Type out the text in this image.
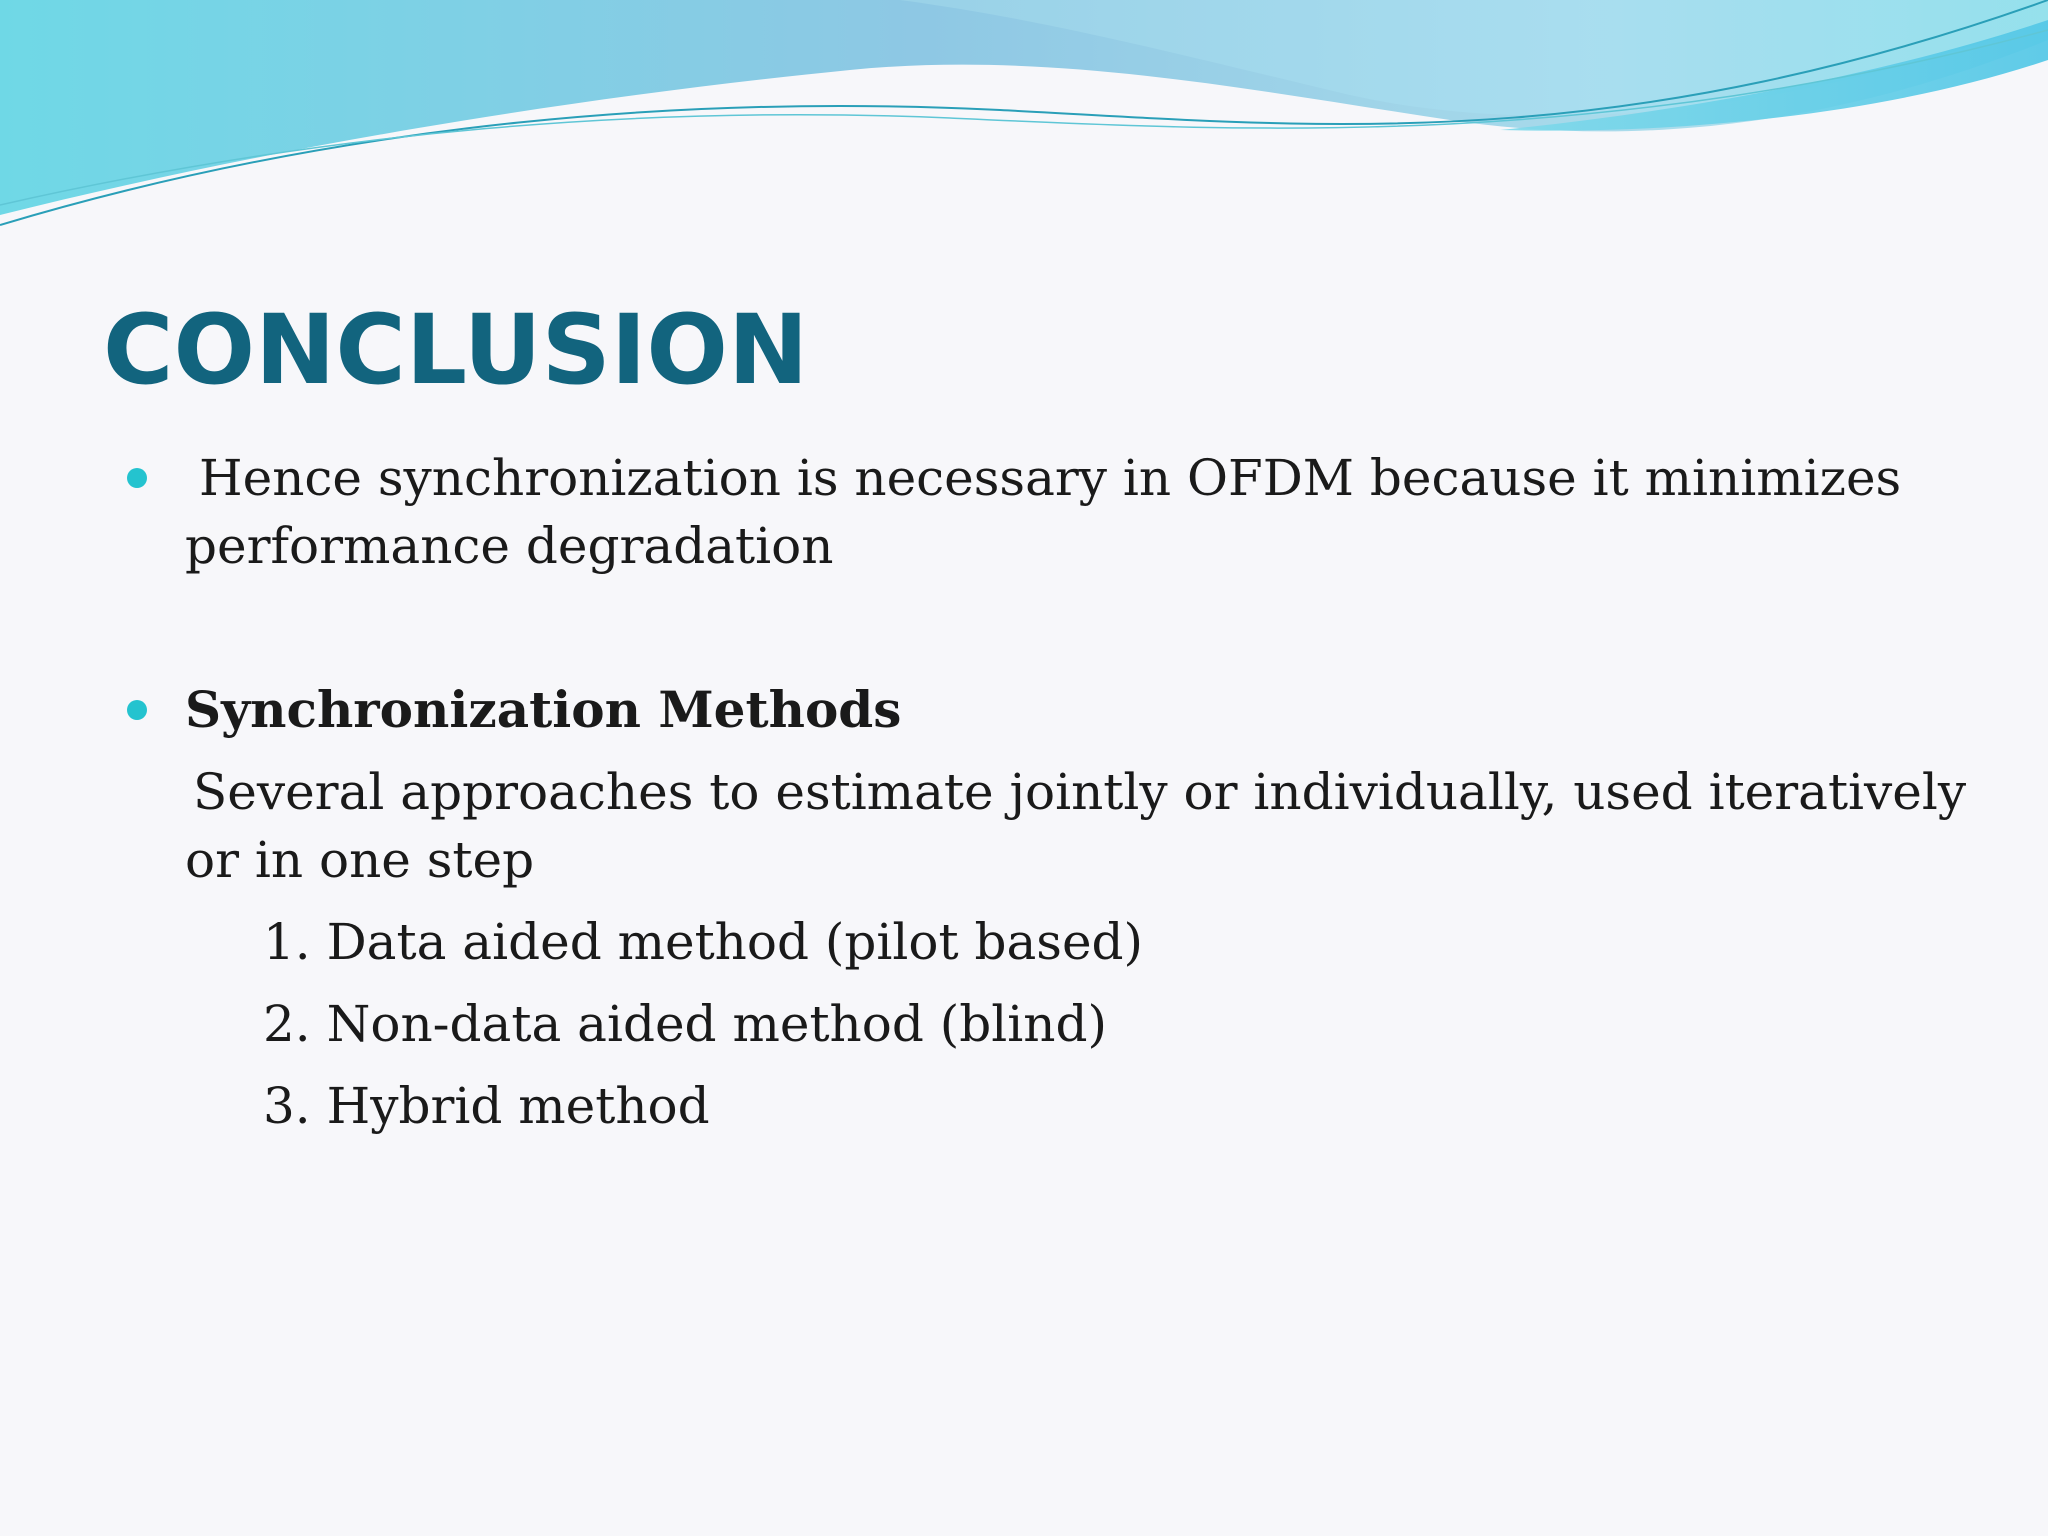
CONCLUSION
Hence synchronization is necessary in OFDM because it minimizes
performance degradation
Synchronization Methods
Several approaches to estimate jointly or individually, used iteratively
or in one step
1. Data aided method (pilot based)
2. Non-data aided method (blind)
3. Hybrid method
